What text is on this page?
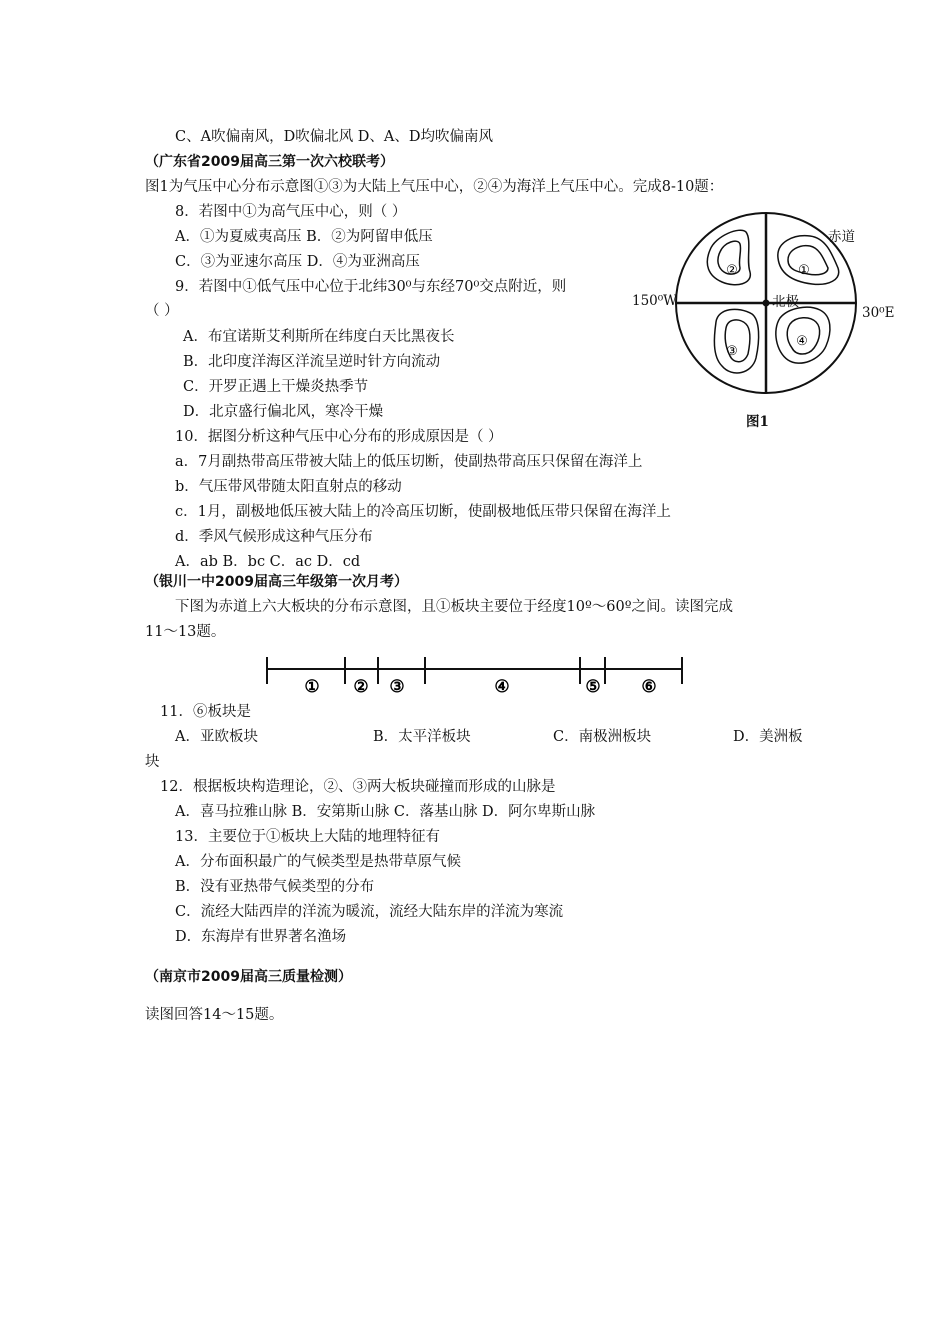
C、A吹偏南风，D吹偏北风 D、A、D均吹偏南风
（广东省2009届高三第一次六校联考）
图1为气压中心分布示意图①③为大陆上气压中心，②④为海洋上气压中心。完成8-10题：
8．若图中①为高气压中心，则（ ）
A．①为夏威夷高压 B．②为阿留申低压
C．③为亚速尔高压 D．④为亚洲高压
9．若图中①低气压中心位于北纬30⁰与东经70⁰交点附近，则
（ ）
A．布宜诺斯艾利斯所在纬度白天比黑夜长
B．北印度洋海区洋流呈逆时针方向流动
C．开罗正遇上干燥炎热季节
D．北京盛行偏北风，寒冷干燥
10．据图分析这种气压中心分布的形成原因是（ ）
a．7月副热带高压带被大陆上的低压切断，使副热带高压只保留在海洋上
b．气压带风带随太阳直射点的移动
c．1月，副极地低压被大陆上的冷高压切断，使副极地低压带只保留在海洋上
d．季风气候形成这种气压分布
A．ab B．bc C．ac D．cd
（银川一中2009届高三年级第一次月考）
下图为赤道上六大板块的分布示意图，且①板块主要位于经度10º～60º之间。读图完成
11～13题。
②	①
③
④
赤道
150⁰W
30⁰E
北极
图1
① ② ③	④	⑤ ⑥
11．⑥板块是
A．亚欧板块	B．太平洋板块	C．南极洲板块	D．美洲板
块
12．根据板块构造理论，②、③两大板块碰撞而形成的山脉是
A．喜马拉雅山脉 B．安第斯山脉 C．落基山脉 D．阿尔卑斯山脉
13．主要位于①板块上大陆的地理特征有
A．分布面积最广的气候类型是热带草原气候
B．没有亚热带气候类型的分布
C．流经大陆西岸的洋流为暖流，流经大陆东岸的洋流为寒流
D．东海岸有世界著名渔场
（南京市2009届高三质量检测）
读图回答14～15题。
